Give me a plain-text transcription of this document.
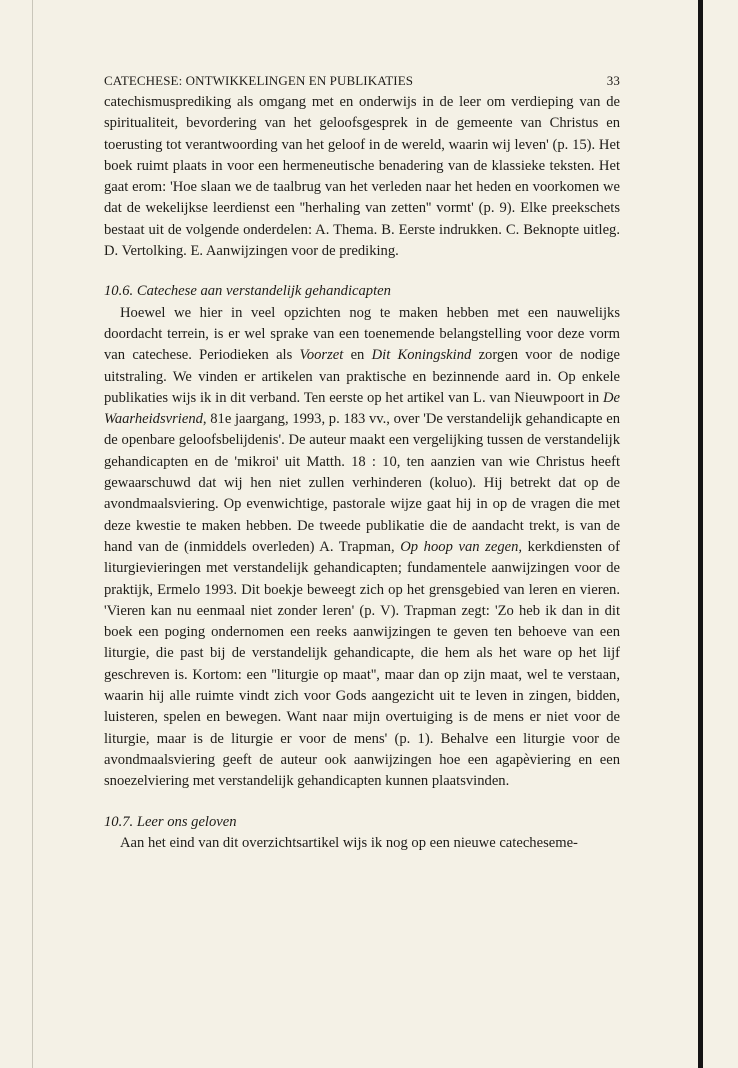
CATECHESE: ONTWIKKELINGEN EN PUBLIKATIES	33

catechismusprediking als omgang met en onderwijs in de leer om verdieping van de spiritualiteit, bevordering van het geloofsgesprek in de gemeente van Christus en toerusting tot verantwoording van het geloof in de wereld, waarin wij leven' (p. 15). Het boek ruimt plaats in voor een hermeneutische benadering van de klassieke teksten. Het gaat erom: 'Hoe slaan we de taalbrug van het verleden naar het heden en voorkomen we dat de wekelijkse leerdienst een ''herhaling van zetten'' vormt' (p. 9). Elke preekschets bestaat uit de volgende onderdelen: A. Thema. B. Eerste indrukken. C. Beknopte uitleg. D. Vertolking. E. Aanwijzingen voor de prediking.

10.6. Catechese aan verstandelijk gehandicapten

Hoewel we hier in veel opzichten nog te maken hebben met een nauwelijks doordacht terrein, is er wel sprake van een toenemende belangstelling voor deze vorm van catechese. Periodieken als Voorzet en Dit Koningskind zorgen voor de nodige uitstraling. We vinden er artikelen van praktische en bezinnende aard in. Op enkele publikaties wijs ik in dit verband. Ten eerste op het artikel van L. van Nieuwpoort in De Waarheidsvriend, 81e jaargang, 1993, p. 183 vv., over 'De verstandelijk gehandicapte en de openbare geloofsbelijdenis'. De auteur maakt een vergelijking tussen de verstandelijk gehandicapten en de 'mikroi' uit Matth. 18 : 10, ten aanzien van wie Christus heeft gewaarschuwd dat wij hen niet zullen verhinderen (koluo). Hij betrekt dat op de avondmaalsviering. Op evenwichtige, pastorale wijze gaat hij in op de vragen die met deze kwestie te maken hebben. De tweede publikatie die de aandacht trekt, is van de hand van de (inmiddels overleden) A. Trapman, Op hoop van zegen, kerkdiensten of liturgievieringen met verstandelijk gehandicapten; fundamentele aanwijzingen voor de praktijk, Ermelo 1993. Dit boekje beweegt zich op het grensgebied van leren en vieren. 'Vieren kan nu eenmaal niet zonder leren' (p. V). Trapman zegt: 'Zo heb ik dan in dit boek een poging ondernomen een reeks aanwijzingen te geven ten behoeve van een liturgie, die past bij de verstandelijk gehandicapte, die hem als het ware op het lijf geschreven is. Kortom: een ''liturgie op maat'', maar dan op zijn maat, wel te verstaan, waarin hij alle ruimte vindt zich voor Gods aangezicht uit te leven in zingen, bidden, luisteren, spelen en bewegen. Want naar mijn overtuiging is de mens er niet voor de liturgie, maar is de liturgie er voor de mens' (p. 1). Behalve een liturgie voor de avondmaalsviering geeft de auteur ook aanwijzingen hoe een agapèviering en een snoezelviering met verstandelijk gehandicapten kunnen plaatsvinden.

10.7. Leer ons geloven

Aan het eind van dit overzichtsartikel wijs ik nog op een nieuwe catecheseme-
